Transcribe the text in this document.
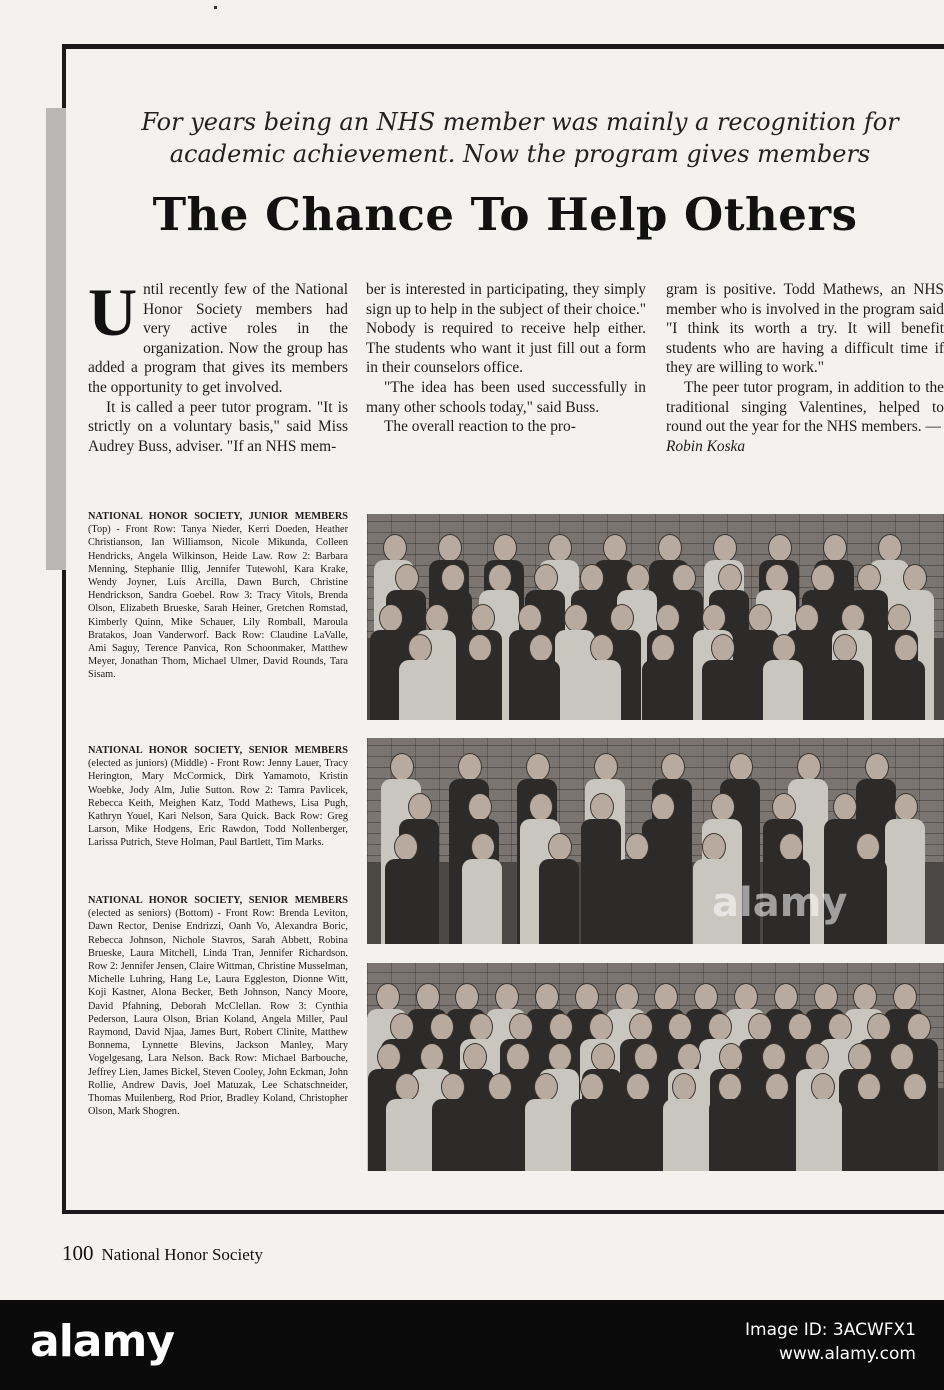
For years being an NHS member was mainly a recognition for academic achievement. Now the program gives members
The Chance To Help Others

Until recently few of the National Honor Society members had very active roles in the organization. Now the group has added a program that gives its members the opportunity to get involved.

It is called a peer tutor program. "It is strictly on a voluntary basis," said Miss Audrey Buss, adviser. "If an NHS mem-

ber is interested in participating, they simply sign up to help in the subject of their choice." Nobody is required to receive help either. The students who want it just fill out a form in their counselors office.

"The idea has been used successfully in many other schools today," said Buss.

The overall reaction to the pro-

gram is positive. Todd Mathews, an NHS member who is involved in the program said "I think its worth a try. It will benefit students who are having a difficult time if they are willing to work."

The peer tutor program, in addition to the traditional singing Valentines, helped to round out the year for the NHS members. —

Robin Koska

NATIONAL HONOR SOCIETY, JUNIOR MEMBERS (Top) - Front Row: Tanya Nieder, Kerri Doeden, Heather Christianson, Ian Williamson, Nicole Mikunda, Colleen Hendricks, Angela Wilkinson, Heide Law. Row 2: Barbara Menning, Stephanie Illig, Jennifer Tutewohl, Kara Krake, Wendy Joyner, Luis Arcilla, Dawn Burch, Christine Hendrickson, Sandra Goebel. Row 3: Tracy Vitols, Brenda Olson, Elizabeth Brueske, Sarah Heiner, Gretchen Romstad, Kimberly Quinn, Mike Schauer, Lily Romball, Maroula Bratakos, Joan Vanderworf. Back Row: Claudine LaValle, Ami Saguy, Terence Panvica, Ron Schoonmaker, Matthew Meyer, Jonathan Thom, Michael Ulmer, David Rounds, Tara Sisam.

NATIONAL HONOR SOCIETY, SENIOR MEMBERS (elected as juniors) (Middle) - Front Row: Jenny Lauer, Tracy Herington, Mary McCormick, Dirk Yamamoto, Kristin Woebke, Jody Alm, Julie Sutton. Row 2: Tamra Pavlicek, Rebecca Keith, Meighen Katz, Todd Mathews, Lisa Pugh, Kathryn Youel, Kari Nelson, Sara Quick. Back Row: Greg Larson, Mike Hodgens, Eric Rawdon, Todd Nollenberger, Larissa Putrich, Steve Holman, Paul Bartlett, Tim Marks.

NATIONAL HONOR SOCIETY, SENIOR MEMBERS (elected as seniors) (Bottom) - Front Row: Brenda Leviton, Dawn Rector, Denise Endrizzi, Oanh Vo, Alexandra Boric, Rebecca Johnson, Nichole Stavros, Sarah Abbett, Robina Brueske, Laura Mitchell, Linda Tran, Jennifer Richardson. Row 2: Jennifer Jensen, Claire Wittman, Christine Musselman, Michelle Luhring, Hang Le, Laura Eggleston, Dionne Witt, Koji Kastner, Alona Becker, Beth Johnson, Nancy Moore, David Pfahning, Deborah McClellan. Row 3: Cynthia Pederson, Laura Olson, Brian Koland, Angela Miller, Paul Raymond, David Njaa, James Burt, Robert Clinite, Matthew Bonnema, Lynnette Blevins, Jackson Manley, Mary Vogelgesang, Lara Nelson. Back Row: Michael Barbouche, Jeffrey Lien, James Bickel, Steven Cooley, John Eckman, John Rollie, Andrew Davis, Joel Matuzak, Lee Schatschneider, Thomas Muilenberg, Rod Prior, Bradley Koland, Christopher Olson, Mark Shogren.

100 National Honor Society
alamy
alamy	Image ID: 3ACWFX1
www.alamy.com
